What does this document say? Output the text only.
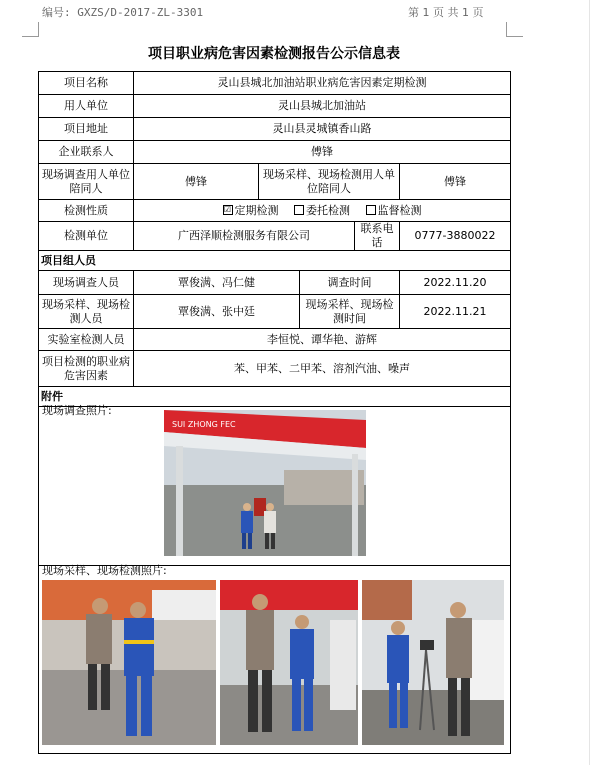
编号: GXZS/D-2017-ZL-3301	第 1 页 共 1 页
项目职业病危害因素检测报告公示信息表
项目名称	灵山县城北加油站职业病危害因素定期检测				
用人单位	灵山县城北加油站				
项目地址	灵山县灵城镇香山路				
企业联系人	傅锋				
现场调查用人单位陪同人	傅锋	现场采样、现场检测用人单位陪同人			傅锋
检测性质	☑ 定期检测 委托检测 监督检测				
检测单位	广西泽顺检测服务有限公司			联系电话	0777-3880022
项目组人员					
现场调查人员	覃俊满、冯仁健		调查时间		2022.11.20
现场采样、现场检测人员	覃俊满、张中廷		现场采样、现场检测时间		2022.11.21
实验室检测人员	李恒悦、谭华艳、游辉				
项目检测的职业病危害因素	苯、甲苯、二甲苯、溶剂汽油、噪声				
附件					

现场调查照片:
现场采样、现场检测照片:
SUI ZHONG FEC
